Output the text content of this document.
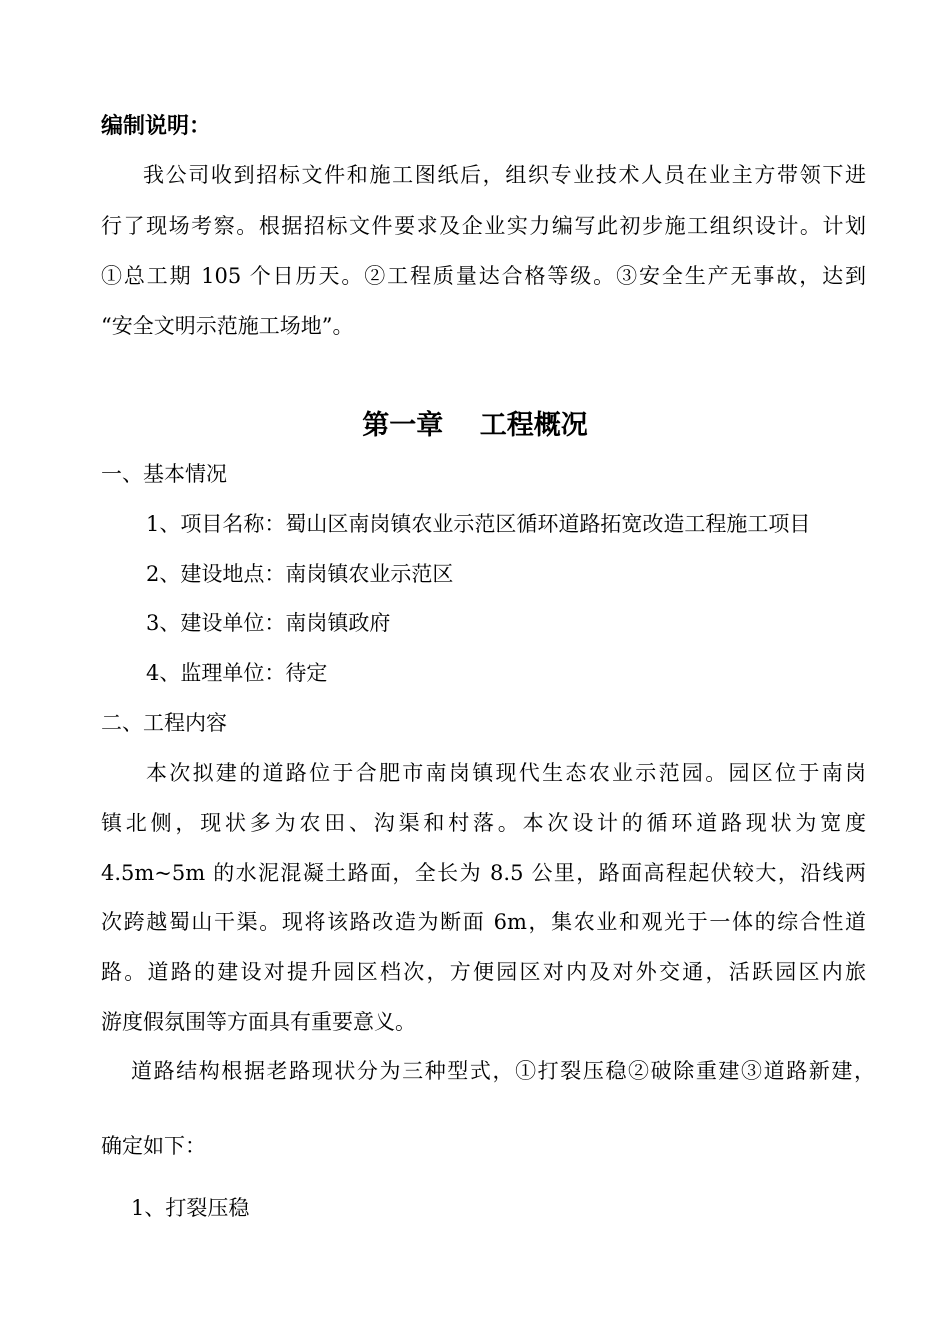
编制说明：
我公司收到招标文件和施工图纸后，组织专业技术人员在业主方带领下进
行了现场考察。根据招标文件要求及企业实力编写此初步施工组织设计。计划
①总工期 105 个日历天。②工程质量达合格等级。③安全生产无事故，达到
“安全文明示范施工场地”。
第一章　 工程概况
一、基本情况
1、项目名称：蜀山区南岗镇农业示范区循环道路拓宽改造工程施工项目
2、建设地点：南岗镇农业示范区
3、建设单位：南岗镇政府
4、监理单位：待定
二、工程内容
本次拟建的道路位于合肥市南岗镇现代生态农业示范园。园区位于南岗
镇北侧，现状多为农田、沟渠和村落。本次设计的循环道路现状为宽度
4.5m~5m 的水泥混凝土路面，全长为 8.5 公里，路面高程起伏较大，沿线两
次跨越蜀山干渠。现将该路改造为断面 6m，集农业和观光于一体的综合性道
路。道路的建设对提升园区档次，方便园区对内及对外交通，活跃园区内旅
游度假氛围等方面具有重要意义。
道路结构根据老路现状分为三种型式，①打裂压稳②破除重建③道路新建，
确定如下：
1、打裂压稳
